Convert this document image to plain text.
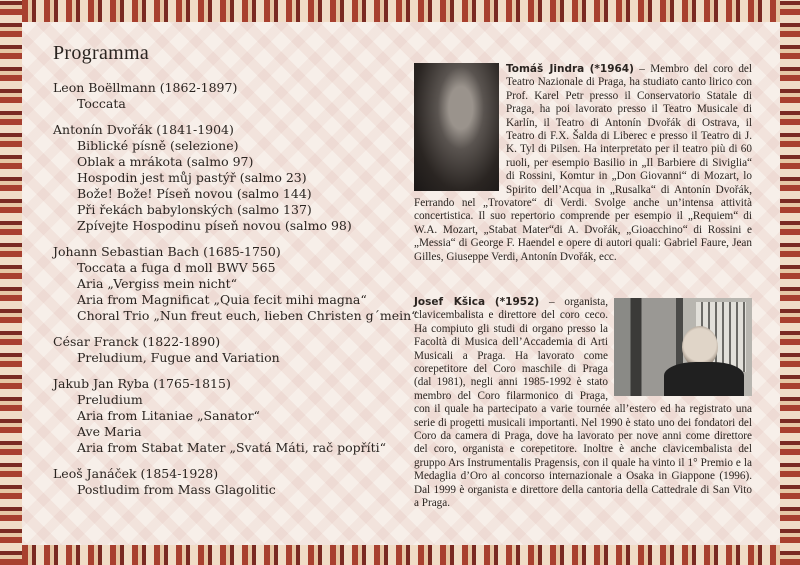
Programma
Leon Boëllmann (1862-1897)
Toccata
Antonín Dvořák (1841-1904)
Biblické písně (selezione)
Oblak a mrákota (salmo 97)
Hospodin jest můj pastýř (salmo 23)
Bože! Bože! Píseň novou (salmo 144)
Při řekách babylonských (salmo 137)
Zpívejte Hospodinu píseň novou (salmo 98)
Johann Sebastian Bach (1685-1750)
Toccata a fuga d moll BWV 565
Aria „Vergiss mein nicht“
Aria from Magnificat „Quia fecit mihi magna“
Choral Trio „Nun freut euch, lieben Christen g´mein“
César Franck (1822-1890)
Preludium, Fugue and Variation
Jakub Jan Ryba (1765-1815)
Preludium
Aria from Litaniae „Sanator“
Ave Maria
Aria from Stabat Mater „Svatá Máti, rač popříti“
Leoš Janáček (1854-1928)
Postludim from Mass Glagolitic
Tomáš Jindra (*1964) – Membro del coro del Teatro Nazionale di Praga, ha studiato canto lirico con Prof. Karel Petr presso il Conservatorio Statale di Praga, ha poi lavorato presso il Teatro Musicale di Karlín, il Teatro di Antonín Dvořák di Ostrava, il Teatro di F.X. Šalda di Liberec e presso il Teatro di J. K. Tyl di Pilsen. Ha interpretato per il teatro più di 60 ruoli, per esempio Basilio in „Il Barbiere di Siviglia“ di Rossini, Komtur in „Don Giovanni“ di Mozart, lo Spirito dell’Acqua in „Rusalka“ di Antonín Dvořák, Ferrando nel „Trovatore“ di Verdi. Svolge anche un’intensa attività concertistica. Il suo repertorio comprende per esempio il „Requiem“ di W.A. Mozart, „Stabat Mater“di A. Dvořák, „Gioacchino“ di Rossini e „Messia“ di George F. Haendel e opere di autori quali: Gabriel Faure, Jean Gilles, Giuseppe Verdi, Antonín Dvořák, ecc.
Josef Kšica (*1952) – organista, clavicembalista e direttore del coro ceco. Ha compiuto gli studi di organo presso la Facoltà di Musica dell’Accademia di Arti Musicali a Praga. Ha lavorato come corepetitore del Coro maschile di Praga (dal 1981), negli anni 1985-1992 è stato membro del Coro filarmonico di Praga, con il quale ha partecipato a varie tournée all’estero ed ha registrato una serie di progetti musicali importanti. Nel 1990 è stato uno dei fondatori del Coro da camera di Praga, dove ha lavorato per nove anni come direttore del coro, organista e corepetitore. Inoltre è anche clavicembalista del gruppo Ars Instrumentalis Pragensis, con il quale ha vinto il 1° Premio e la Medaglia d’Oro al concorso internazionale a Osaka in Giappone (1996). Dal 1999 è organista e direttore della cantoria della Cattedrale di San Vito a Praga.
